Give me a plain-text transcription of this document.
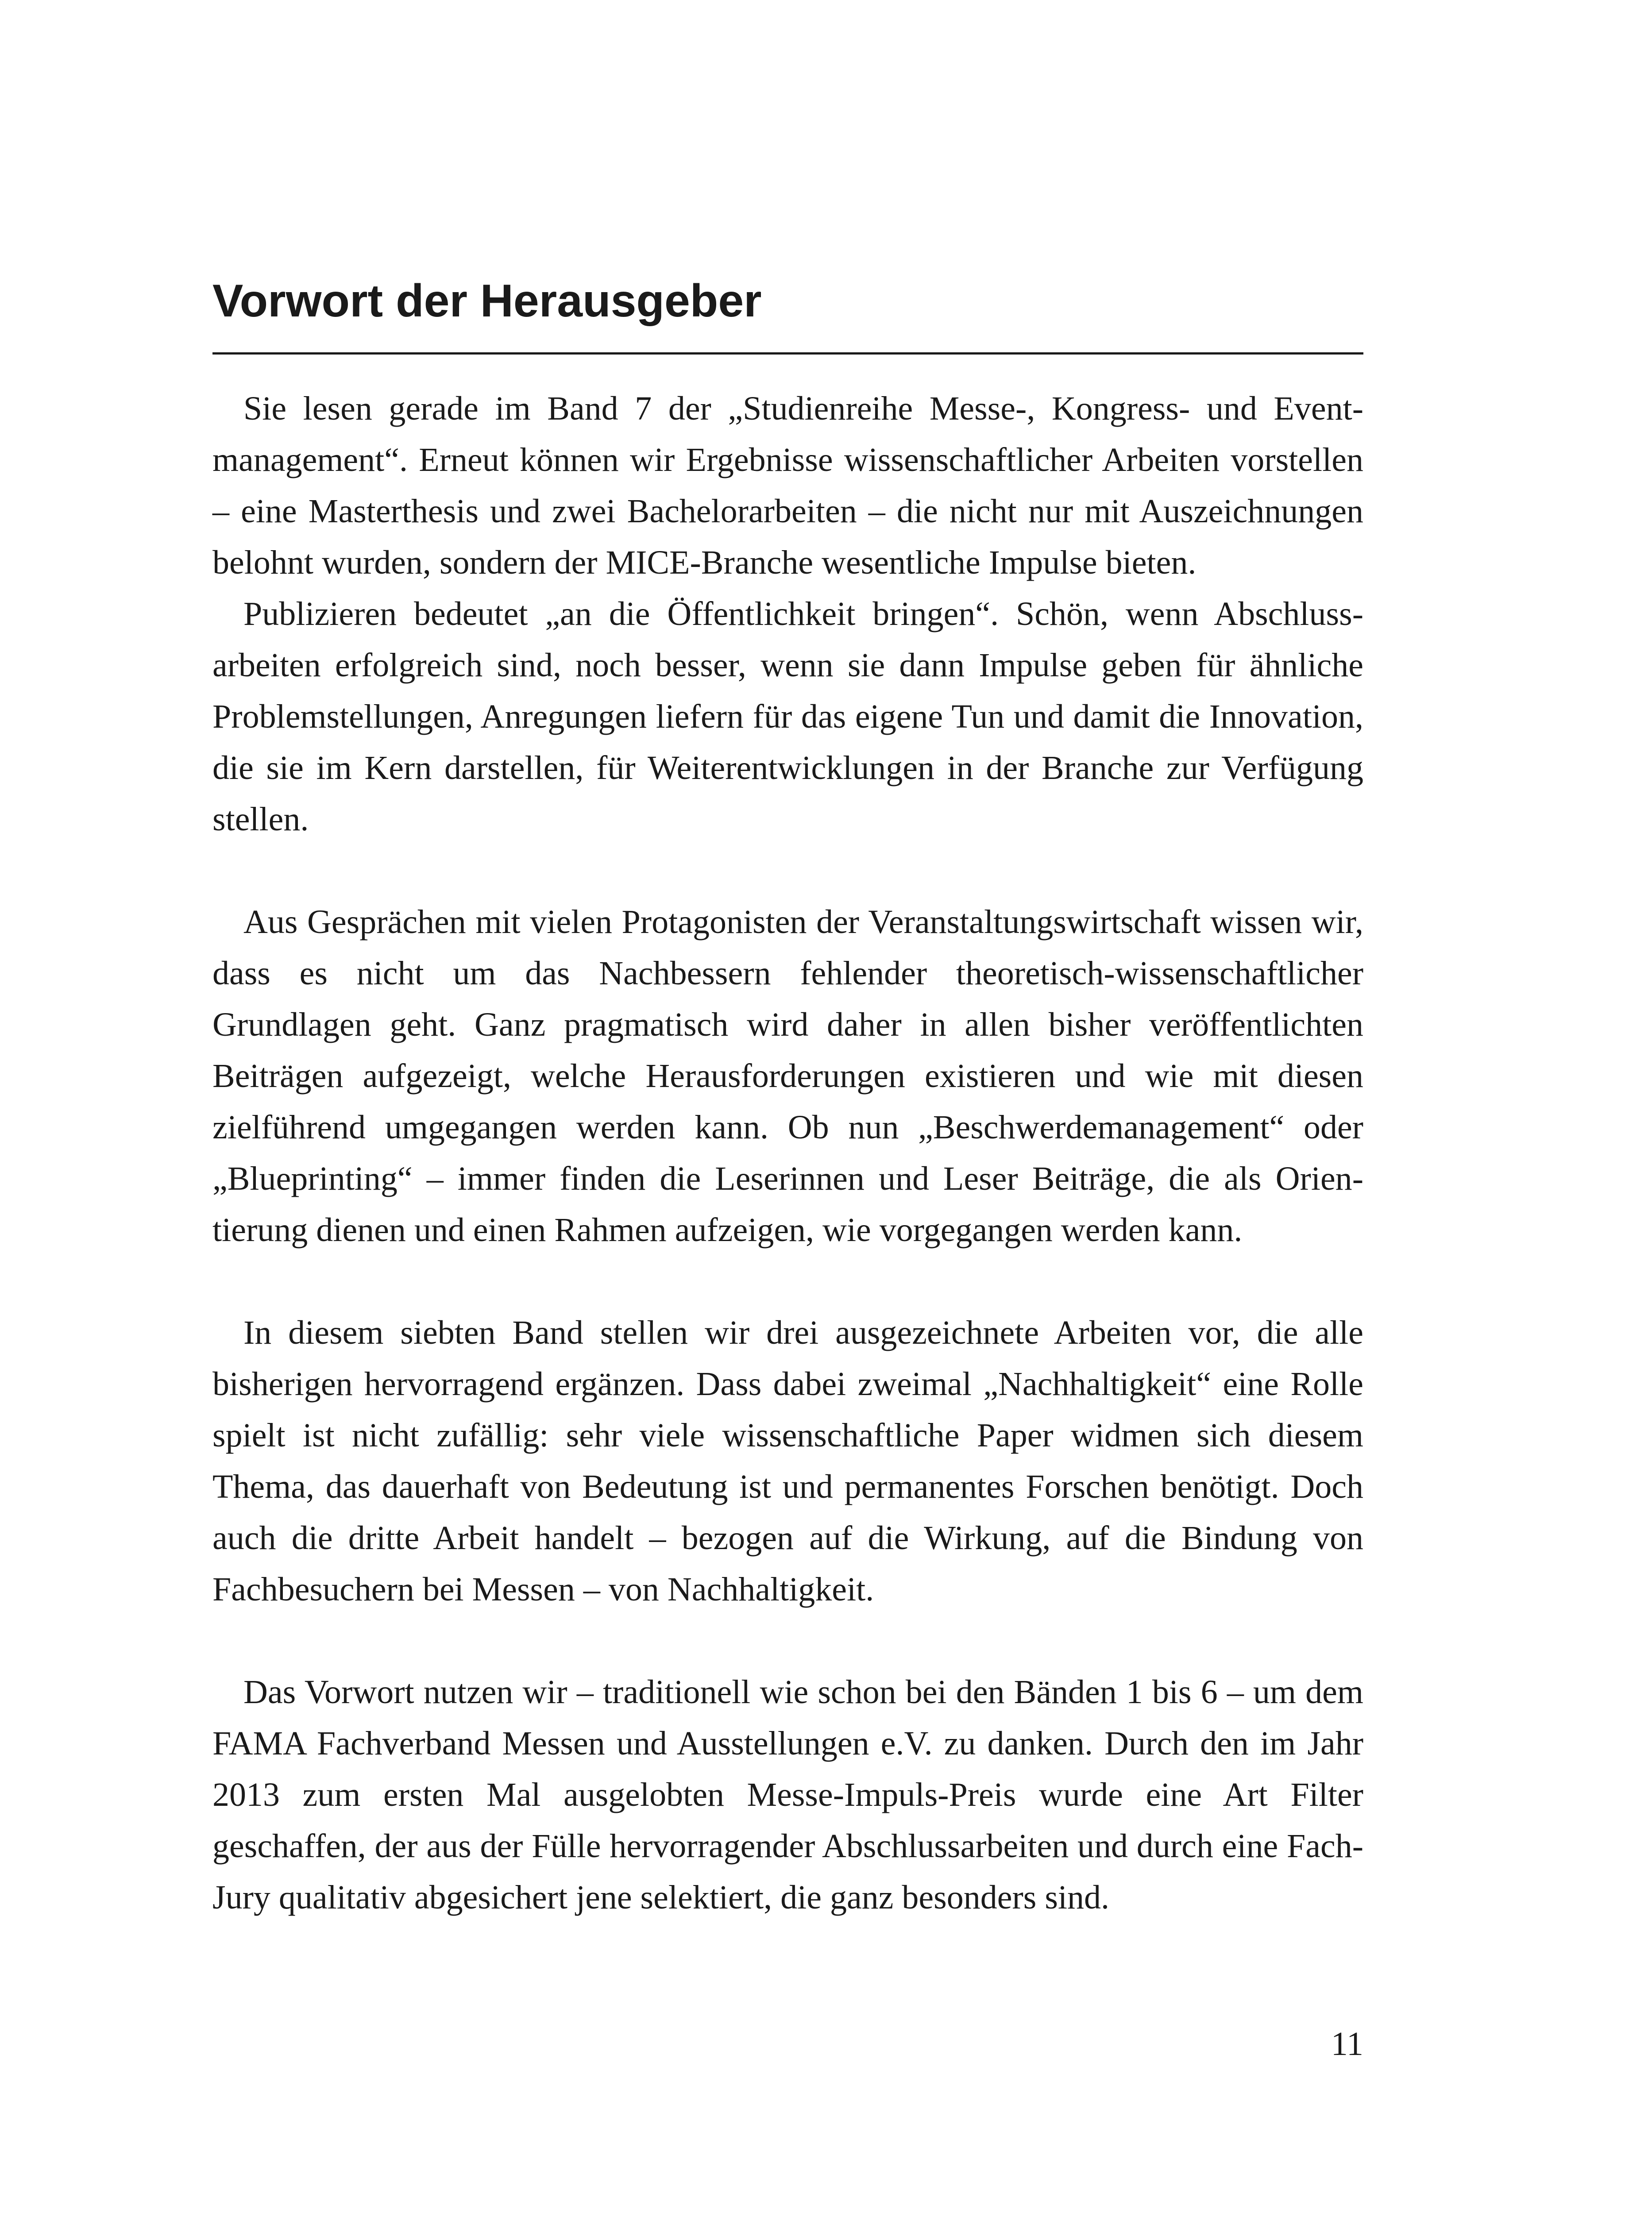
Vorwort der Herausgeber

Sie lesen gerade im Band 7 der „Studienreihe Messe-, Kongress- und Eventmanagement“. Erneut können wir Ergebnisse wissenschaftlicher Arbeiten vorstellen – eine Masterthesis und zwei Bachelorarbeiten – die nicht nur mit Auszeichnungen belohnt wurden, sondern der MICE-Branche wesentliche Impulse bieten.

Publizieren bedeutet „an die Öffentlichkeit bringen“. Schön, wenn Abschlussarbeiten erfolgreich sind, noch besser, wenn sie dann Impulse geben für ähnliche Problemstellungen, Anregungen liefern für das eigene Tun und damit die Innovation, die sie im Kern darstellen, für Weiterentwicklungen in der Branche zur Verfügung stellen.

Aus Gesprächen mit vielen Protagonisten der Veranstaltungswirtschaft wissen wir, dass es nicht um das Nachbessern fehlender theoretisch-wissenschaftlicher Grundlagen geht. Ganz pragmatisch wird daher in allen bisher veröffentlichten Beiträgen aufgezeigt, welche Herausforderungen existieren und wie mit diesen zielführend umgegangen werden kann. Ob nun „Beschwerdemanagement“ oder „Blueprinting“ – immer finden die Leserinnen und Leser Beiträge, die als Orientierung dienen und einen Rahmen aufzeigen, wie vorgegangen werden kann.

In diesem siebten Band stellen wir drei ausgezeichnete Arbeiten vor, die alle bisherigen hervorragend ergänzen. Dass dabei zweimal „Nachhaltigkeit“ eine Rolle spielt ist nicht zufällig: sehr viele wissenschaftliche Paper widmen sich diesem Thema, das dauerhaft von Bedeutung ist und permanentes Forschen benötigt. Doch auch die dritte Arbeit handelt – bezogen auf die Wirkung, auf die Bindung von Fachbesuchern bei Messen – von Nachhaltigkeit.

Das Vorwort nutzen wir – traditionell wie schon bei den Bänden 1 bis 6 – um dem FAMA Fachverband Messen und Ausstellungen e.V. zu danken. Durch den im Jahr 2013 zum ersten Mal ausgelobten Messe-Impuls-Preis wurde eine Art Filter geschaffen, der aus der Fülle hervorragender Abschlussarbeiten und durch eine Fach-Jury qualitativ abgesichert jene selektiert, die ganz besonders sind.

11
